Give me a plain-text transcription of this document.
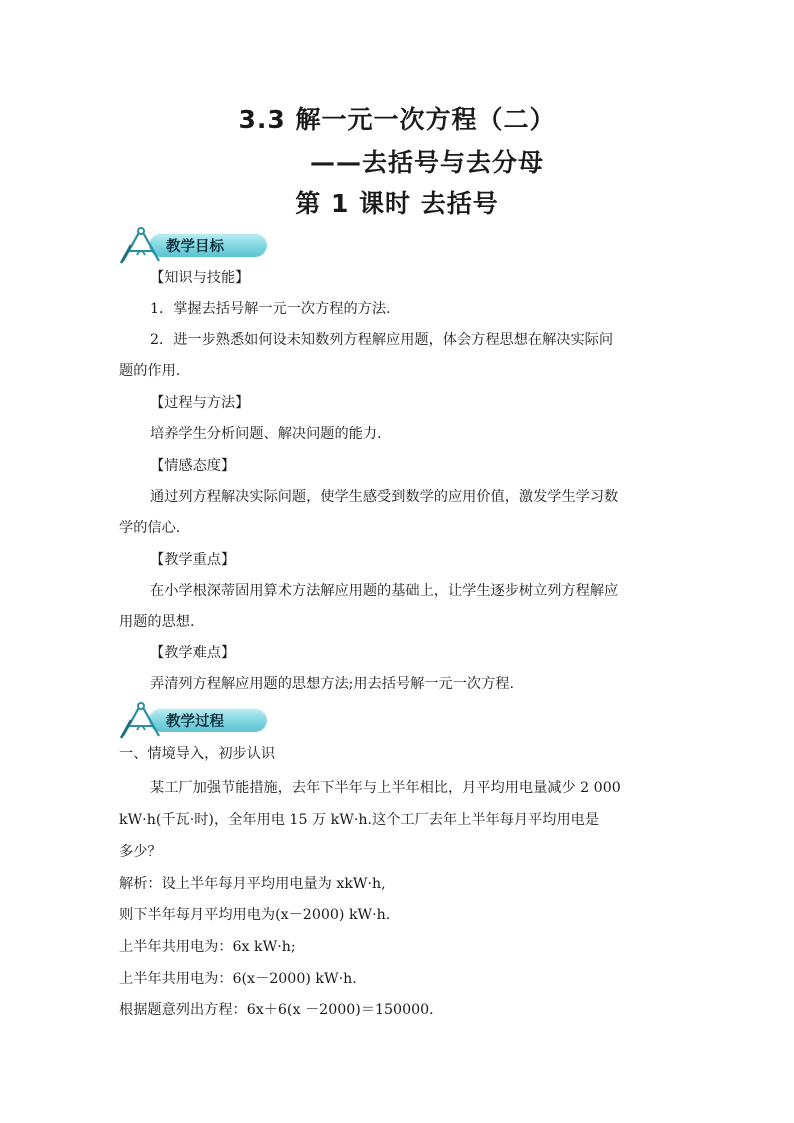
3.3 解一元一次方程（二）
——去括号与去分母
第 1 课时 去括号
教学目标
【知识与技能】
1．掌握去括号解一元一次方程的方法.
2．进一步熟悉如何设未知数列方程解应用题，体会方程思想在解决实际问
题的作用.
【过程与方法】
培养学生分析问题、解决问题的能力.
【情感态度】
通过列方程解决实际问题，使学生感受到数学的应用价值，激发学生学习数
学的信心.
【教学重点】
在小学根深蒂固用算术方法解应用题的基础上，让学生逐步树立列方程解应
用题的思想.
【教学难点】
弄清列方程解应用题的思想方法;用去括号解一元一次方程.
教学过程
一、情境导入，初步认识
某工厂加强节能措施，去年下半年与上半年相比，月平均用电量减少 2 000
kW·h(千瓦·时)，全年用电 15 万 kW·h.这个工厂去年上半年每月平均用电是
多少？
解析：设上半年每月平均用电量为 xkW·h,
则下半年每月平均用电为(x－2000) kW·h.
上半年共用电为：6x kW·h;
上半年共用电为：6(x－2000) kW·h.
根据题意列出方程：6x＋6(x －2000)＝150000.
